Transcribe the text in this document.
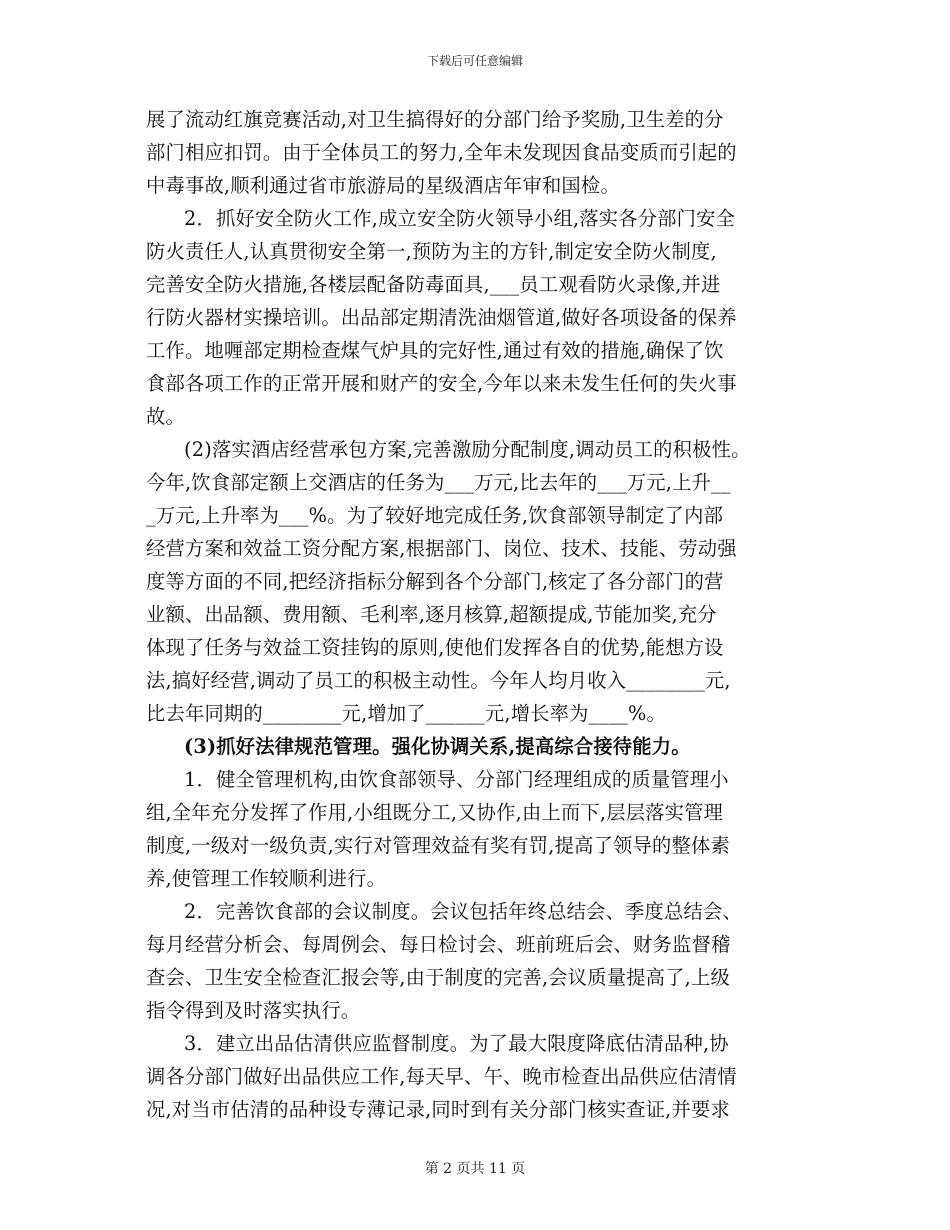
下载后可任意编辑
展了流动红旗竞赛活动,对卫生搞得好的分部门给予奖励,卫生差的分
部门相应扣罚。由于全体员工的努力,全年未发现因食品变质而引起的
中毒事故,顺利通过省市旅游局的星级酒店年审和国检。
2．抓好安全防火工作,成立安全防火领导小组,落实各分部门安全
防火责任人,认真贯彻安全第一,预防为主的方针,制定安全防火制度,
完善安全防火措施,各楼层配备防毒面具,___员工观看防火录像,并进
行防火器材实操培训。出品部定期清洗油烟管道,做好各项设备的保养
工作。地喱部定期检查煤气炉具的完好性,通过有效的措施,确保了饮
食部各项工作的正常开展和财产的安全,今年以来未发生任何的失火事
故。
(2)落实酒店经营承包方案,完善激励分配制度,调动员工的积极性。
今年,饮食部定额上交酒店的任务为___万元,比去年的___万元,上升__
_万元,上升率为___%。为了较好地完成任务,饮食部领导制定了内部
经营方案和效益工资分配方案,根据部门、岗位、技术、技能、劳动强
度等方面的不同,把经济指标分解到各个分部门,核定了各分部门的营
业额、出品额、费用额、毛利率,逐月核算,超额提成,节能加奖,充分
体现了任务与效益工资挂钩的原则,使他们发挥各自的优势,能想方设
法,搞好经营,调动了员工的积极主动性。今年人均月收入________元,
比去年同期的________元,增加了______元,增长率为____%。
(3)抓好法律规范管理。强化协调关系,提高综合接待能力。
1．健全管理机构,由饮食部领导、分部门经理组成的质量管理小
组,全年充分发挥了作用,小组既分工,又协作,由上而下,层层落实管理
制度,一级对一级负责,实行对管理效益有奖有罚,提高了领导的整体素
养,使管理工作较顺利进行。
2．完善饮食部的会议制度。会议包括年终总结会、季度总结会、
每月经营分析会、每周例会、每日检讨会、班前班后会、财务监督稽
查会、卫生安全检查汇报会等,由于制度的完善,会议质量提高了,上级
指令得到及时落实执行。
3．建立出品估清供应监督制度。为了最大限度降底估清品种,协
调各分部门做好出品供应工作,每天早、午、晚市检查出品供应估清情
况,对当市估清的品种设专薄记录,同时到有关分部门核实查证,并要求
第 2 页共 11 页
